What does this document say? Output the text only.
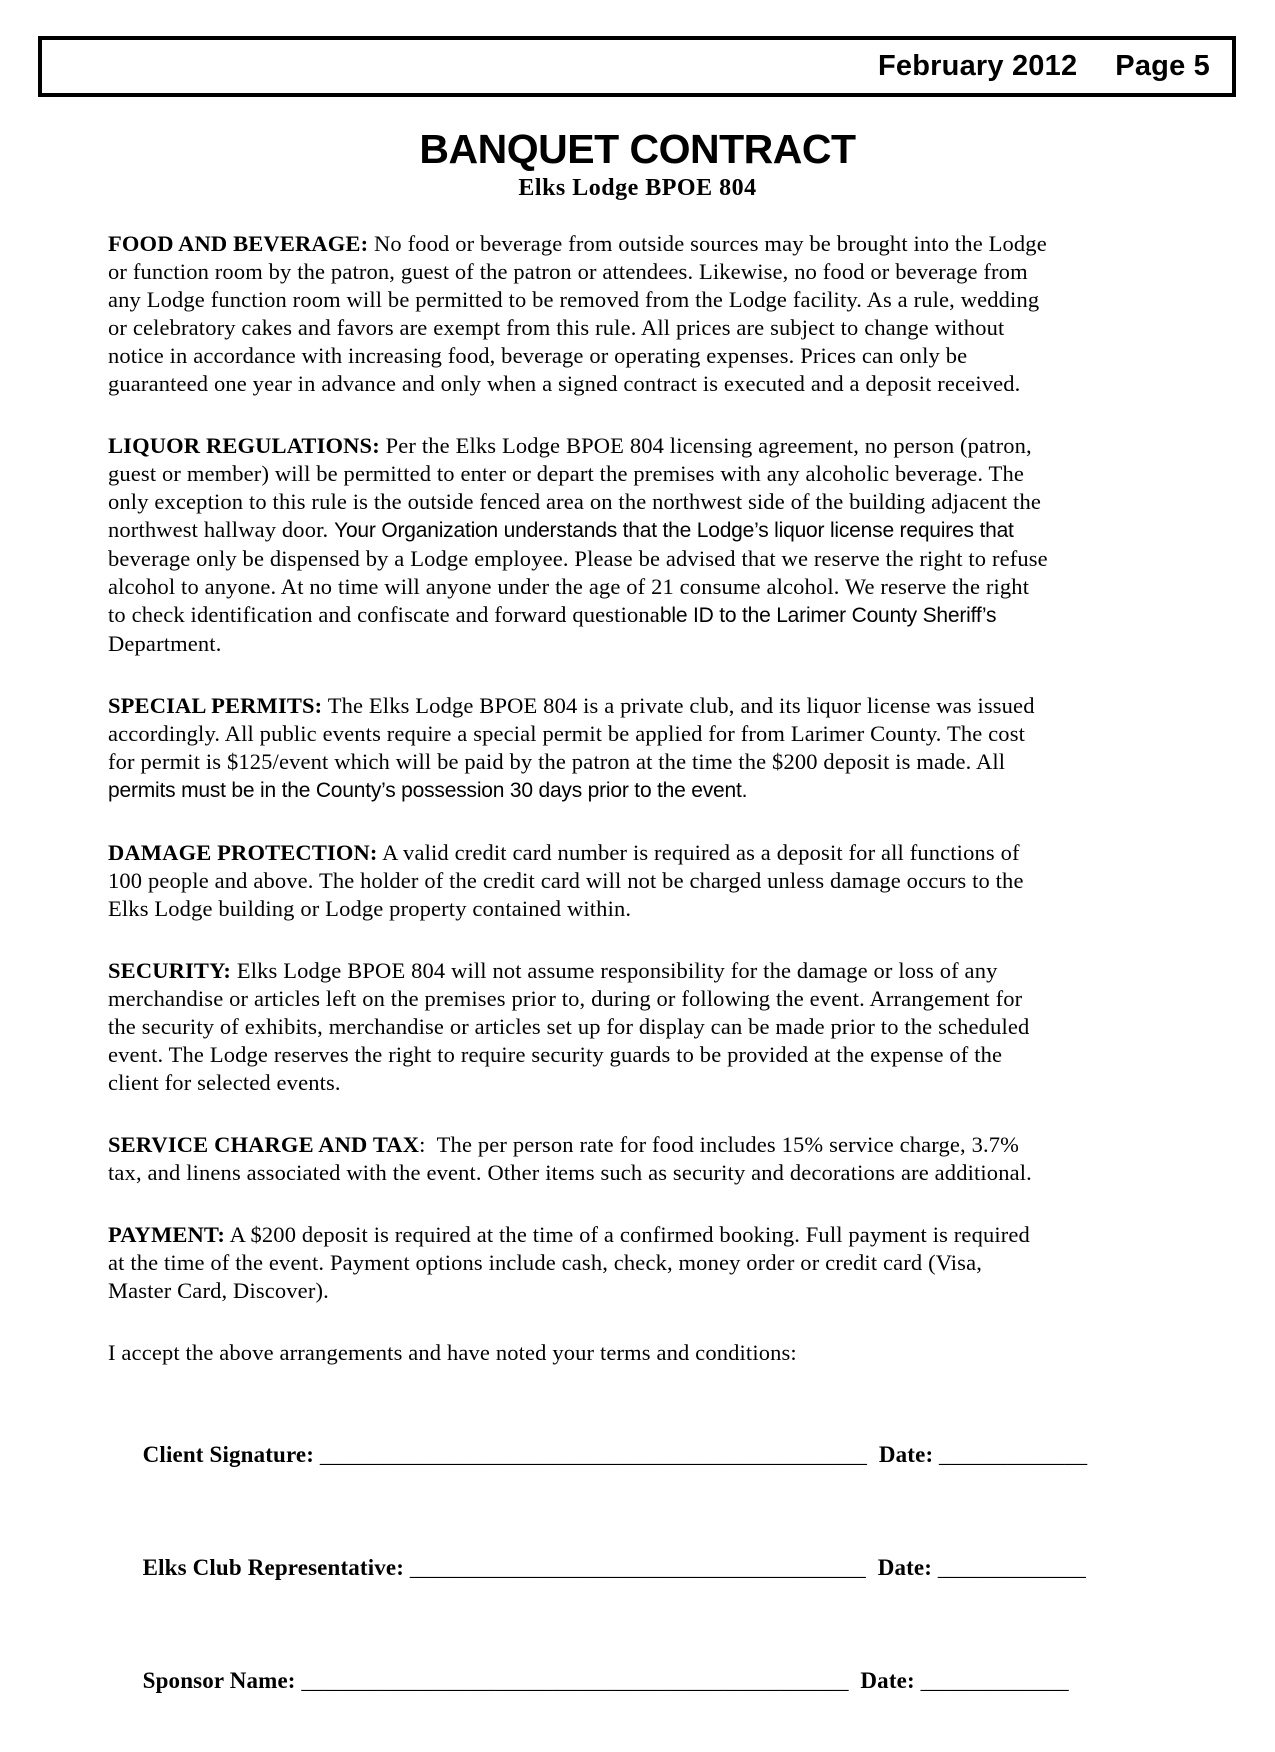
February 2012 Page 5
BANQUET CONTRACT
Elks Lodge BPOE 804
FOOD AND BEVERAGE: No food or beverage from outside sources may be brought into the Lodge
or function room by the patron, guest of the patron or attendees. Likewise, no food or beverage from
any Lodge function room will be permitted to be removed from the Lodge facility. As a rule, wedding
or celebratory cakes and favors are exempt from this rule. All prices are subject to change without
notice in accordance with increasing food, beverage or operating expenses. Prices can only be
guaranteed one year in advance and only when a signed contract is executed and a deposit received.
LIQUOR REGULATIONS: Per the Elks Lodge BPOE 804 licensing agreement, no person (patron,
guest or member) will be permitted to enter or depart the premises with any alcoholic beverage. The
only exception to this rule is the outside fenced area on the northwest side of the building adjacent the
northwest hallway door. Your Organization understands that the Lodge’s liquor license requires that
beverage only be dispensed by a Lodge employee. Please be advised that we reserve the right to refuse
alcohol to anyone. At no time will anyone under the age of 21 consume alcohol. We reserve the right
to check identification and confiscate and forward questionable ID to the Larimer County Sheriff’s
Department.
SPECIAL PERMITS: The Elks Lodge BPOE 804 is a private club, and its liquor license was issued
accordingly. All public events require a special permit be applied for from Larimer County. The cost
for permit is $125/event which will be paid by the patron at the time the $200 deposit is made. All
permits must be in the County’s possession 30 days prior to the event.
DAMAGE PROTECTION: A valid credit card number is required as a deposit for all functions of
100 people and above. The holder of the credit card will not be charged unless damage occurs to the
Elks Lodge building or Lodge property contained within.
SECURITY: Elks Lodge BPOE 804 will not assume responsibility for the damage or loss of any
merchandise or articles left on the premises prior to, during or following the event. Arrangement for
the security of exhibits, merchandise or articles set up for display can be made prior to the scheduled
event. The Lodge reserves the right to require security guards to be provided at the expense of the
client for selected events.
SERVICE CHARGE AND TAX:  The per person rate for food includes 15% service charge, 3.7%
tax, and linens associated with the event. Other items such as security and decorations are additional.
PAYMENT: A $200 deposit is required at the time of a confirmed booking. Full payment is required
at the time of the event. Payment options include cash, check, money order or credit card (Visa,
Master Card, Discover).
I accept the above arrangements and have noted your terms and conditions:

Client Signature: ________________________________________________  Date: _____________

Elks Club Representative: ________________________________________  Date: _____________

Sponsor Name: ________________________________________________  Date: _____________
